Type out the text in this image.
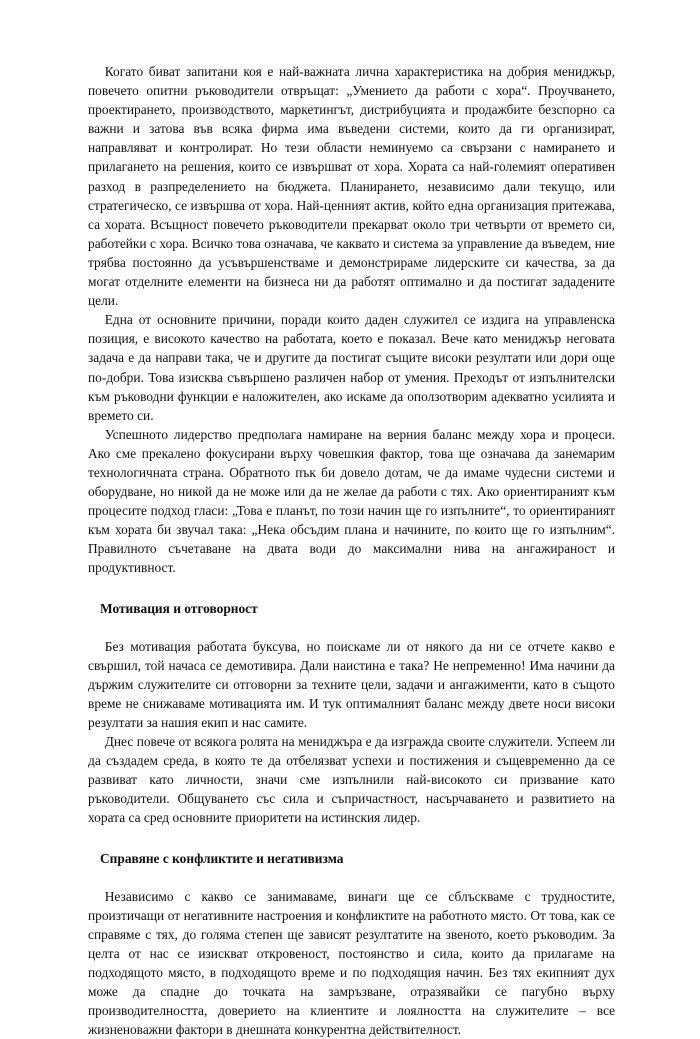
Когато биват запитани коя е най-важната лична характеристика на добрия мениджър, повечето опитни ръководители отвръщат: „Умението да работи с хора“. Проучването, проектирането, производството, маркетингът, дистрибуцията и продажбите безспорно са важни и затова във всяка фирма има въведени системи, които да ги организират, направляват и контролират. Но тези области неминуемо са свързани с намирането и прилагането на решения, които се извършват от хора. Хората са най-големият оперативен разход в разпределението на бюджета. Планирането, независимо дали текущо, или стратегическо, се извършва от хора. Най-ценният актив, който една организация притежава, са хората. Всъщност повечето ръководители прекарват около три четвърти от времето си, работейки с хора. Всичко това означава, че каквато и система за управление да въведем, ние трябва постоянно да усъвършенстваме и демонстрираме лидерските си качества, за да могат отделните елементи на бизнеса ни да работят оптимално и да постигат зададените цели.

Една от основните причини, поради които даден служител се издига на управленска позиция, е високото качество на работата, което е показал. Вече като мениджър неговата задача е да направи така, че и другите да постигат същите високи резултати или дори още по-добри. Това изисква съвършено различен набор от умения. Преходът от изпълнителски към ръководни функции е наложителен, ако искаме да оползотворим адекватно усилията и времето си.

Успешното лидерство предполага намиране на верния баланс между хора и процеси. Ако сме прекалено фокусирани върху човешкия фактор, това ще означава да занемарим технологичната страна. Обратното пък би довело дотам, че да имаме чудесни системи и оборудване, но никой да не може или да не желае да работи с тях. Ако ориентираният към процесите подход гласи: „Това е планът, по този начин ще го изпълните“, то ориентираният към хората би звучал така: „Нека обсъдим плана и начините, по които ще го изпълним“. Правилното съчетаване на двата води до максимални нива на ангажираност и продуктивност.

Мотивация и отговорност

Без мотивация работата буксува, но поискаме ли от някого да ни се отчете какво е свършил, той начаса се демотивира. Дали наистина е така? Не непременно! Има начини да държим служителите си отговорни за техните цели, задачи и ангажименти, като в същото време не снижаваме мотивацията им. И тук оптималният баланс между двете носи високи резултати за нашия екип и нас самите.

Днес повече от всякога ролята на мениджъра е да изгражда своите служители. Успеем ли да създадем среда, в която те да отбелязват успехи и постижения и същевременно да се развиват като личности, значи сме изпълнили най-високото си призвание като ръководители. Общуването със сила и съпричастност, насърчаването и развитието на хората са сред основните приоритети на истинския лидер.

Справяне с конфликтите и негативизма

Независимо с какво се занимаваме, винаги ще се сблъскваме с трудностите, произтичащи от негативните настроения и конфликтите на работното място. От това, как се справяме с тях, до голяма степен ще зависят резултатите на звеното, което ръководим. За целта от нас се изискват откровеност, постоянство и сила, които да прилагаме на подходящото място, в подходящото време и по подходящия начин. Без тях екипният дух може да спадне до точката на замръзване, отразявайки се пагубно върху производителността, доверието на клиентите и лоялността на служителите – все жизненоважни фактори в днешната конкурентна действителност.
